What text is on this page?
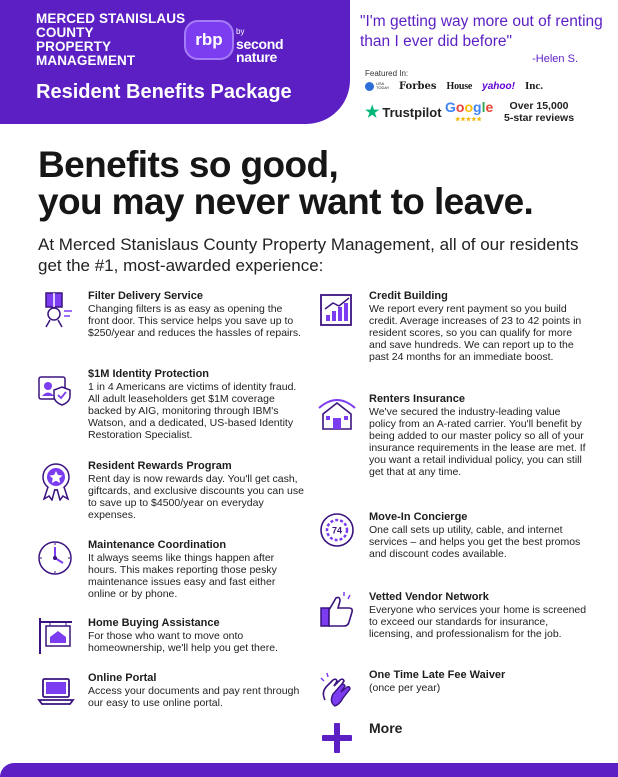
MERCED STANISLAUS
COUNTY
PROPERTY
MANAGEMENT
rbp	$^{by}$
second
nature
Resident Benefits Package
"I'm getting way more out of renting than I ever did before"
-Helen S.
Featured In:
USA TODAY Forbes House yahoo! Inc.
★ Trustpilot Google
★★★★★
Over 15,000
5-star reviews
Benefits so good,
you may never want to leave.
At Merced Stanislaus County Property Management, all of our residents get the #1, most-awarded experience:
Filter Delivery Service
Changing filters is as easy as opening the front door. This service helps you save up to $250/year and reduces the hassles of repairs.
$1M Identity Protection
1 in 4 Americans are victims of identity fraud. All adult leaseholders get $1M coverage backed by AIG, monitoring through IBM's Watson, and a dedicated, US-based Identity Restoration Specialist.
Resident Rewards Program
Rent day is now rewards day. You'll get cash, giftcards, and exclusive discounts you can use to save up to $4500/year on everyday expenses.
Maintenance Coordination
It always seems like things happen after hours. This makes reporting those pesky maintenance issues easy and fast either online or by phone.
Home Buying Assistance
For those who want to move onto homeownership, we'll help you get there.
Online Portal
Access your documents and pay rent through our easy to use online portal.
Credit Building
We report every rent payment so you build credit. Average increases of 23 to 42 points in resident scores, so you can qualify for more and save hundreds. We can report up to the past 24 months for an immediate boost.
Renters Insurance
We've secured the industry-leading value policy from an A-rated carrier. You'll benefit by being added to our master policy so all of your insurance requirements in the lease are met. If you want a retail individual policy, you can still get that at any time.
74
Move-In Concierge
One call sets up utility, cable, and internet services – and helps you get the best promos and discount codes available.
Vetted Vendor Network
Everyone who services your home is screened to exceed our standards for insurance, licensing, and professionalism for the job.
One Time Late Fee Waiver
(once per year)
More
